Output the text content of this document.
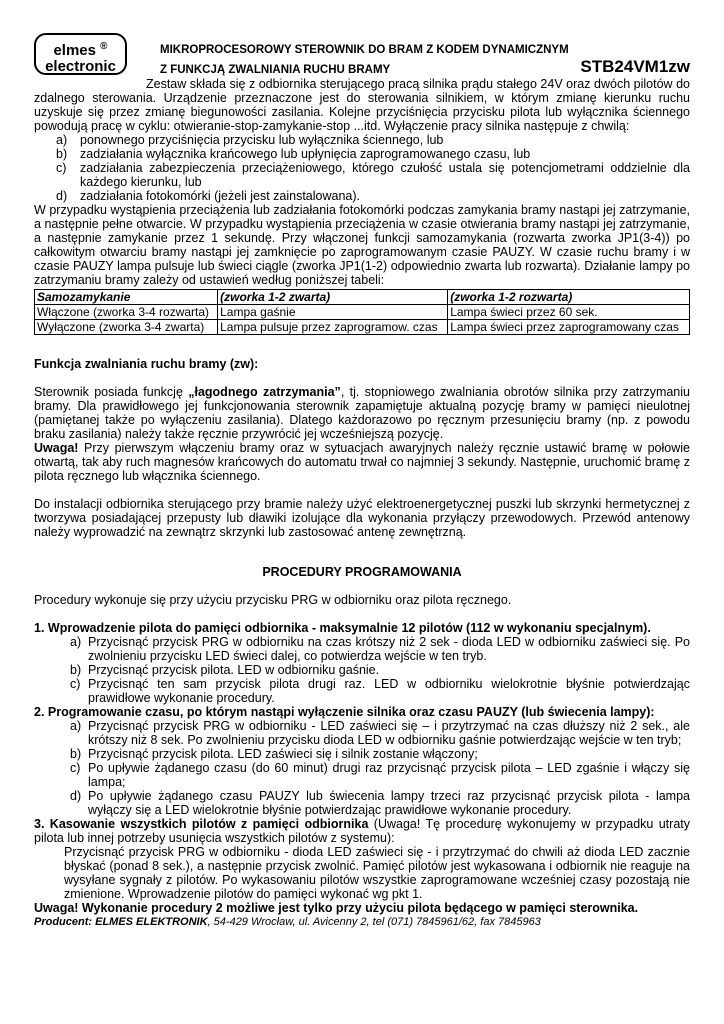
elmes ®
electronic
MIKROPROCESOROWY STEROWNIK DO BRAM Z KODEM DYNAMICZNYM
Z FUNKCJĄ ZWALNIANIA RUCHU BRAMY	STB24VM1zw
Zestaw składa się z odbiornika sterującego pracą silnika prądu stałego 24V oraz dwóch pilotów do zdalnego sterowania. Urządzenie przeznaczone jest do sterowania silnikiem, w którym zmianę kierunku ruchu uzyskuje się przez zmianę biegunowości zasilania. Kolejne przyciśnięcia przycisku pilota lub wyłącznika ściennego powodują pracę w cyklu: otwieranie-stop-zamykanie-stop ...itd. Wyłączenie pracy silnika następuje z chwilą:
a) ponownego przyciśnięcia przycisku lub wyłącznika ściennego, lub
b) zadziałania wyłącznika krańcowego lub upłynięcia zaprogramowanego czasu, lub
c) zadziałania zabezpieczenia przeciążeniowego, którego czułość ustala się potencjometrami oddzielnie dla każdego kierunku, lub
d) zadziałania fotokomórki (jeżeli jest zainstalowana).
W przypadku wystąpienia przeciążenia lub zadziałania fotokomórki podczas zamykania bramy nastąpi jej zatrzymanie, a następnie pełne otwarcie. W przypadku wystąpienia przeciążenia w czasie otwierania bramy nastąpi jej zatrzymanie, a następnie zamykanie przez 1 sekundę. Przy włączonej funkcji samozamykania (rozwarta zworka JP1(3-4)) po całkowitym otwarciu bramy nastąpi jej zamknięcie po zaprogramowanym czasie PAUZY. W czasie ruchu bramy i w czasie PAUZY lampa pulsuje lub świeci ciągle (zworka JP1(1-2) odpowiednio zwarta lub rozwarta). Działanie lampy po zatrzymaniu bramy zależy od ustawień według poniższej tabeli:
Samozamykanie	(zworka 1-2 zwarta)	(zworka 1-2 rozwarta)
Włączone (zworka 3-4 rozwarta)	Lampa gaśnie	Lampa świeci przez 60 sek.
Wyłączone (zworka 3-4 zwarta)	Lampa pulsuje przez zaprogramow. czas	Lampa świeci przez zaprogramowany czas
Funkcja zwalniania ruchu bramy (zw):
Sterownik posiada funkcję „łagodnego zatrzymania”, tj. stopniowego zwalniania obrotów silnika przy zatrzymaniu bramy. Dla prawidłowego jej funkcjonowania sterownik zapamiętuje aktualną pozycję bramy w pamięci nieulotnej (pamiętanej także po wyłączeniu zasilania). Dlatego każdorazowo po ręcznym przesunięciu bramy (np. z powodu braku zasilania) należy także ręcznie przywrócić jej wcześniejszą pozycję.
Uwaga! Przy pierwszym włączeniu bramy oraz w sytuacjach awaryjnych należy ręcznie ustawić bramę w połowie otwartą, tak aby ruch magnesów krańcowych do automatu trwał co najmniej 3 sekundy. Następnie, uruchomić bramę z pilota ręcznego lub włącznika ściennego.
Do instalacji odbiornika sterującego przy bramie należy użyć elektroenergetycznej puszki lub skrzynki hermetycznej z tworzywa posiadającej przepusty lub dławiki izolujące dla wykonania przyłączy przewodowych. Przewód antenowy należy wyprowadzić na zewnątrz skrzynki lub zastosować antenę zewnętrzną.
PROCEDURY PROGRAMOWANIA
Procedury wykonuje się przy użyciu przycisku PRG w odbiorniku oraz pilota ręcznego.
1. Wprowadzenie pilota do pamięci odbiornika - maksymalnie 12 pilotów (112 w wykonaniu specjalnym).
a) Przycisnąć przycisk PRG w odbiorniku na czas krótszy niż 2 sek - dioda LED w odbiorniku zaświeci się. Po zwolnieniu przycisku LED świeci dalej, co potwierdza wejście w ten tryb.
b) Przycisnąć przycisk pilota. LED w odbiorniku gaśnie.
c) Przycisnąć ten sam przycisk pilota drugi raz. LED w odbiorniku wielokrotnie błyśnie potwierdzając prawidłowe wykonanie procedury.
2. Programowanie czasu, po którym nastąpi wyłączenie silnika oraz czasu PAUZY (lub świecenia lampy):
a) Przycisnąć przycisk PRG w odbiorniku - LED zaświeci się – i przytrzymać na czas dłuższy niż 2 sek., ale krótszy niż 8 sek. Po zwolnieniu przycisku dioda LED w odbiorniku gaśnie potwierdzając wejście w ten tryb;
b) Przycisnąć przycisk pilota. LED zaświeci się i silnik zostanie włączony;
c) Po upływie żądanego czasu (do 60 minut) drugi raz przycisnąć przycisk pilota – LED zgaśnie i włączy się lampa;
d) Po upływie żądanego czasu PAUZY lub świecenia lampy trzeci raz przycisnąć przycisk pilota - lampa wyłączy się a LED wielokrotnie błyśnie potwierdzając prawidłowe wykonanie procedury.
3. Kasowanie wszystkich pilotów z pamięci odbiornika (Uwaga! Tę procedurę wykonujemy w przypadku utraty pilota lub innej potrzeby usunięcia wszystkich pilotów z systemu):
Przycisnąć przycisk PRG w odbiorniku - dioda LED zaświeci się - i przytrzymać do chwili aż dioda LED zacznie błyskać (ponad 8 sek.), a następnie przycisk zwolnić. Pamięć pilotów jest wykasowana i odbiornik nie reaguje na wysyłane sygnały z pilotów. Po wykasowaniu pilotów wszystkie zaprogramowane wcześniej czasy pozostają nie zmienione. Wprowadzenie pilotów do pamięci wykonać wg pkt 1.
Uwaga! Wykonanie procedury 2 możliwe jest tylko przy użyciu pilota będącego w pamięci sterownika.
Producent: ELMES ELEKTRONIK, 54-429 Wrocław, ul. Avicenny 2, tel (071) 7845961/62, fax 7845963
